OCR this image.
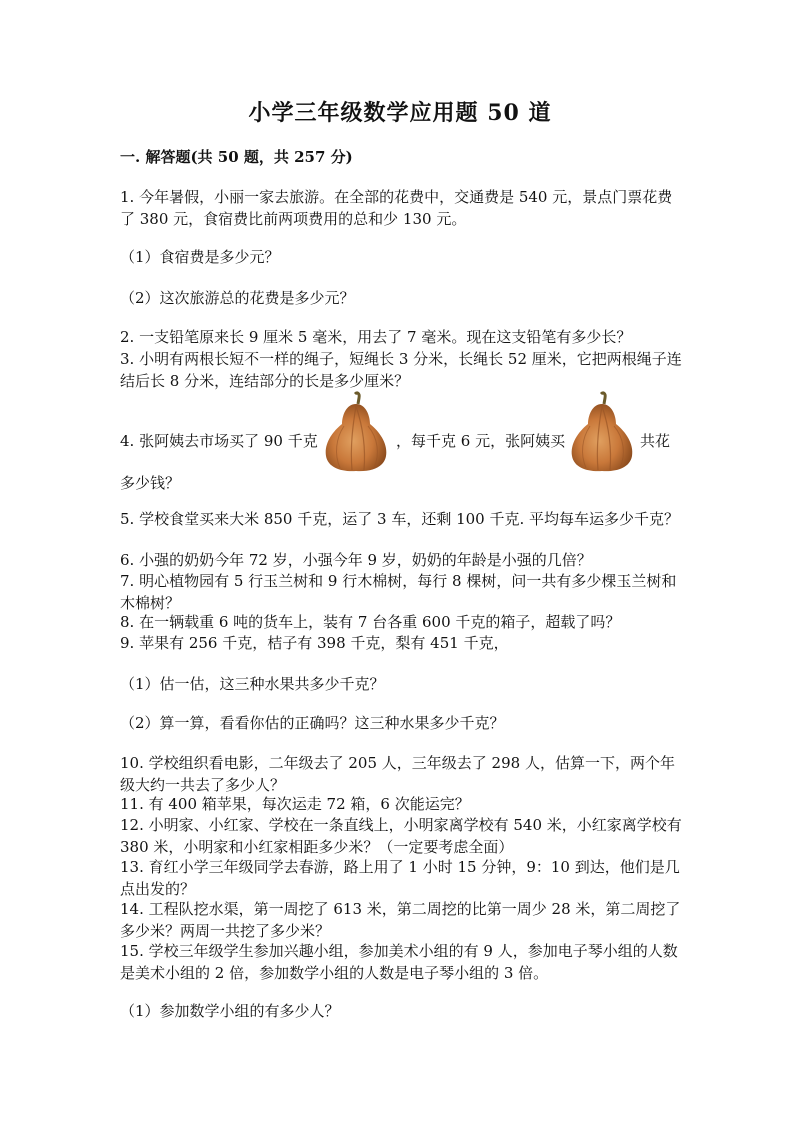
小学三年级数学应用题 50 道
一. 解答题(共 50 题，共 257 分)

1. 今年暑假，小丽一家去旅游。在全部的花费中，交通费是 540 元，景点门票花费了 380 元，食宿费比前两项费用的总和少 130 元。

（1）食宿费是多少元？

（2）这次旅游总的花费是多少元？

2. 一支铅笔原来长 9 厘米 5 毫米，用去了 7 毫米。现在这支铅笔有多少长？

3. 小明有两根长短不一样的绳子，短绳长 3 分米，长绳长 52 厘米，它把两根绳子连结后长 8 分米，连结部分的长是多少厘米？

4. 张阿姨去市场买了 90 千克	，每千克 6 元，张阿姨买	共花

多少钱？

5. 学校食堂买来大米 850 千克，运了 3 车，还剩 100 千克. 平均每车运多少千克？

6. 小强的奶奶今年 72 岁，小强今年 9 岁，奶奶的年龄是小强的几倍？

7. 明心植物园有 5 行玉兰树和 9 行木棉树，每行 8 棵树，问一共有多少棵玉兰树和木棉树？

8. 在一辆载重 6 吨的货车上，装有 7 台各重 600 千克的箱子，超载了吗？

9. 苹果有 256 千克，桔子有 398 千克，梨有 451 千克，

（1）估一估，这三种水果共多少千克？

（2）算一算，看看你估的正确吗？这三种水果多少千克？

10. 学校组织看电影，二年级去了 205 人，三年级去了 298 人，估算一下，两个年级大约一共去了多少人？

11. 有 400 箱苹果，每次运走 72 箱，6 次能运完？

12. 小明家、小红家、学校在一条直线上，小明家离学校有 540 米，小红家离学校有 380 米，小明家和小红家相距多少米？（一定要考虑全面）

13. 育红小学三年级同学去春游，路上用了 1 小时 15 分钟，9：10 到达，他们是几点出发的？

14. 工程队挖水渠，第一周挖了 613 米，第二周挖的比第一周少 28 米，第二周挖了多少米？两周一共挖了多少米？

15. 学校三年级学生参加兴趣小组，参加美术小组的有 9 人，参加电子琴小组的人数是美术小组的 2 倍，参加数学小组的人数是电子琴小组的 3 倍。

（1）参加数学小组的有多少人？
